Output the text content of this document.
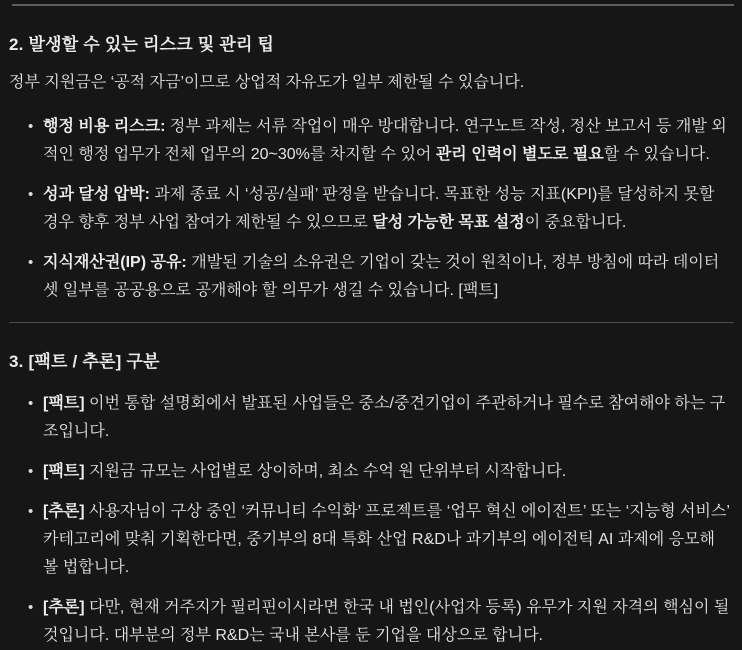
2. 발생할 수 있는 리스크 및 관리 팁

정부 지원금은 ‘공적 자금’이므로 상업적 자유도가 일부 제한될 수 있습니다.

• 행정 비용 리스크: 정부 과제는 서류 작업이 매우 방대합니다. 연구노트 작성, 정산 보고서 등 개발 외적인 행정 업무가 전체 업무의 20~30%를 차지할 수 있어 관리 인력이 별도로 필요할 수 있습니다.
• 성과 달성 압박: 과제 종료 시 ‘성공/실패’ 판정을 받습니다. 목표한 성능 지표(KPI)를 달성하지 못할 경우 향후 정부 사업 참여가 제한될 수 있으므로 달성 가능한 목표 설정이 중요합니다.
• 지식재산권(IP) 공유: 개발된 기술의 소유권은 기업이 갖는 것이 원칙이나, 정부 방침에 따라 데이터 셋 일부를 공공용으로 공개해야 할 의무가 생길 수 있습니다. [팩트]
3. [팩트 / 추론] 구분
• [팩트] 이번 통합 설명회에서 발표된 사업들은 중소/중견기업이 주관하거나 필수로 참여해야 하는 구조입니다.
• [팩트] 지원금 규모는 사업별로 상이하며, 최소 수억 원 단위부터 시작합니다.
• [추론] 사용자님이 구상 중인 ‘커뮤니티 수익화’ 프로젝트를 ‘업무 혁신 에이전트’ 또는 ‘지능형 서비스’ 카테고리에 맞춰 기획한다면, 중기부의 8대 특화 산업 R&D나 과기부의 에이전틱 AI 과제에 응모해 볼 법합니다.
• [추론] 다만, 현재 거주지가 필리핀이시라면 한국 내 법인(사업자 등록) 유무가 지원 자격의 핵심이 될 것입니다. 대부분의 정부 R&D는 국내 본사를 둔 기업을 대상으로 합니다.
